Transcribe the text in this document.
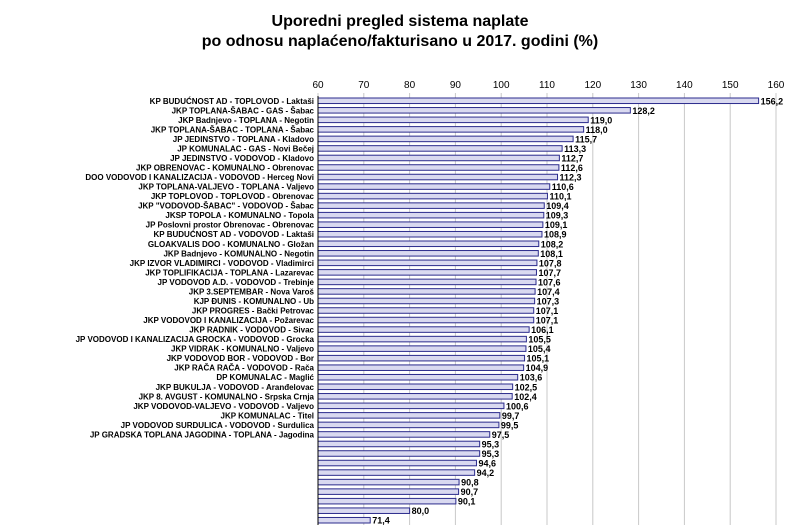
Uporedni pregled sistema naplate
po odnosu naplaćeno/fakturisano u 2017. godini (%)
60	70	80	90	100	110	120	130	140	150	160
KP BUDUĆNOST AD - TOPLOVOD - Laktaši
JKP TOPLANA-ŠABAC - GAS - Šabac
JKP Badnjevo - TOPLANA - Negotin
JKP TOPLANA-ŠABAC - TOPLANA - Šabac
JP JEDINSTVO - TOPLANA - Kladovo
JP KOMUNALAC - GAS - Novi Bečej
JP JEDINSTVO - VODOVOD - Kladovo
JKP OBRENOVAC - KOMUNALNO - Obrenovac
DOO VODOVOD I KANALIZACIJA - VODOVOD - Herceg Novi
JKP TOPLANA-VALJEVO - TOPLANA - Valjevo
JKP TOPLOVOD - TOPLOVOD - Obrenovac
JKP "VODOVOD-ŠABAC" - VODOVOD - Šabac
JKSP TOPOLA - KOMUNALNO - Topola
JP Poslovni prostor Obrenovac - Obrenovac
KP BUDUĆNOST AD - VODOVOD - Laktaši
GLOAKVALIS DOO - KOMUNALNO - Gložan
JKP Badnjevo - KOMUNALNO - Negotin
JKP IZVOR VLADIMIRCI - VODOVOD - Vladimirci
JKP TOPLIFIKACIJA - TOPLANA - Lazarevac
JP VODOVOD A.D. - VODOVOD - Trebinje
JKP 3.SEPTEMBAR - Nova Varoš
KJP ĐUNIS - KOMUNALNO - Ub
JKP PROGRES - Bački Petrovac
JKP VODOVOD I KANALIZACIJA - Požarevac
JKP RADNIK - VODOVOD - Sivac
JP VODOVOD I KANALIZACIJA GROCKA - VODOVOD - Grocka
JKP VIDRAK - KOMUNALNO - Valjevo
JKP VODOVOD BOR - VODOVOD - Bor
JKP RAČA RAČA - VODOVOD - Rača
DP KOMUNALAC - Maglić
JKP BUKULJA - VODOVOD - Aranđelovac
JKP 8. AVGUST - KOMUNALNO - Srpska Crnja
JKP VODOVOD-VALJEVO - VODOVOD - Valjevo
JKP KOMUNALAC - Titel
JP VODOVOD SURDULICA - VODOVOD - Surdulica
JP GRADSKA TOPLANA JAGODINA - TOPLANA - Jagodina
156,2
128,2
119,0
118,0
115,7
113,3
112,7
112,6
112,3
110,6
110,1
109,4
109,3
109,1
108,9
108,2
108,1
107,8
107,7
107,6
107,4
107,3
107,1
107,1
106,1
105,5
105,4
105,1
104,9
103,6
102,5
102,4
100,6
99,7
99,5
97,5
95,3
95,3
94,6
94,2
90,8
90,7
90,1
80,0
71,4
